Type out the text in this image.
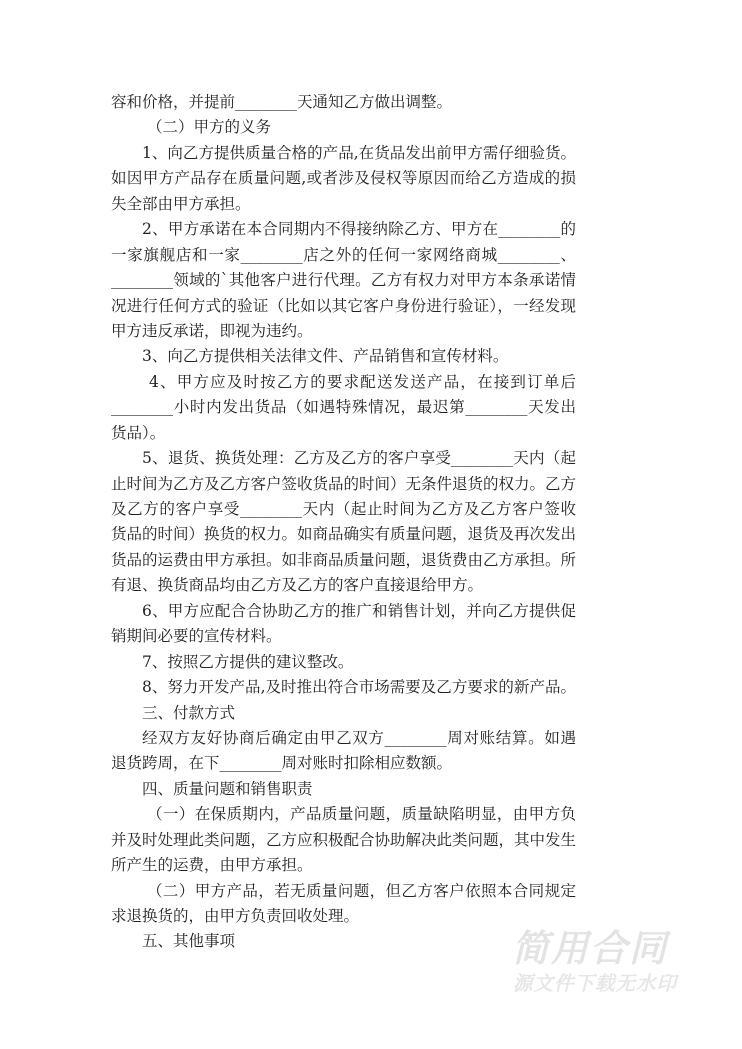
容和价格，并提前________天通知乙方做出调整。
（二）甲方的义务
1、向乙方提供质量合格的产品,在货品发出前甲方需仔细验货。
如因甲方产品存在质量问题,或者涉及侵权等原因而给乙方造成的损
失全部由甲方承担。
2、甲方承诺在本合同期内不得接纳除乙方、甲方在________的
一家旗舰店和一家________店之外的任何一家网络商城________、
________领域的`其他客户进行代理。乙方有权力对甲方本条承诺情
况进行任何方式的验证（比如以其它客户身份进行验证），一经发现
甲方违反承诺，即视为违约。
3、向乙方提供相关法律文件、产品销售和宣传材料。
4、甲方应及时按乙方的要求配送发送产品，在接到订单后
________小时内发出货品（如遇特殊情况，最迟第________天发出
货品）。
5、退货、换货处理：乙方及乙方的客户享受________天内（起
止时间为乙方及乙方客户签收货品的时间）无条件退货的权力。乙方
及乙方的客户享受________天内（起止时间为乙方及乙方客户签收
货品的时间）换货的权力。如商品确实有质量问题，退货及再次发出
货品的运费由甲方承担。如非商品质量问题，退货费由乙方承担。所
有退、换货商品均由乙方及乙方的客户直接退给甲方。
6、甲方应配合合协助乙方的推广和销售计划，并向乙方提供促
销期间必要的宣传材料。
7、按照乙方提供的建议整改。
8、努力开发产品,及时推出符合市场需要及乙方要求的新产品。
三、付款方式
经双方友好协商后确定由甲乙双方________周对账结算。如遇
退货跨周，在下________周对账时扣除相应数额。
四、质量问题和销售职责
（一）在保质期内，产品质量问题，质量缺陷明显，由甲方负
并及时处理此类问题，乙方应积极配合协助解决此类问题，其中发生
所产生的运费，由甲方承担。
（二）甲方产品，若无质量问题，但乙方客户依照本合同规定
求退换货的，由甲方负责回收处理。
五、其他事项	简用合同
源文件下载无水印
